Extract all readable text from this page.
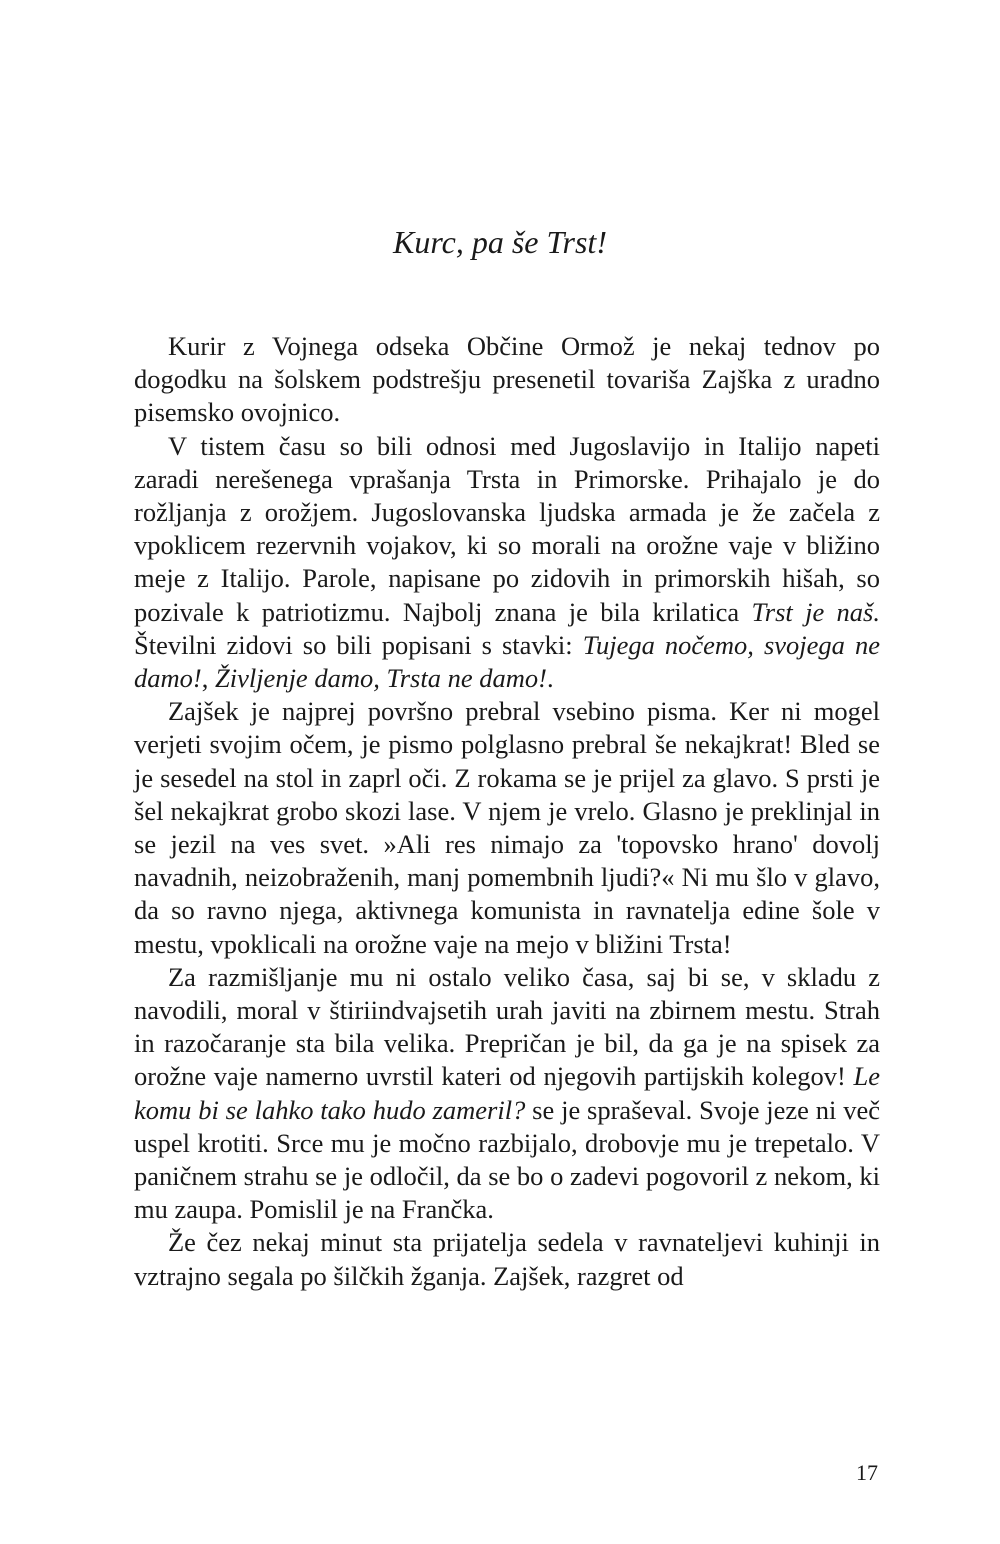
Kurc, pa še Trst!

Kurir z Vojnega odseka Občine Ormož je nekaj tednov po dogodku na šolskem podstrešju presenetil tovariša Zajška z uradno pisemsko ovojnico.

V tistem času so bili odnosi med Jugoslavijo in Italijo napeti zaradi nerešenega vprašanja Trsta in Primorske. Prihajalo je do rožljanja z orožjem. Jugoslovanska ljudska armada je že začela z vpoklicem rezervnih vojakov, ki so morali na orožne vaje v bližino meje z Italijo. Parole, napisane po zidovih in primorskih hišah, so pozivale k patriotizmu. Najbolj znana je bila krilatica Trst je naš. Številni zidovi so bili popisani s stavki: Tujega nočemo, svojega ne damo!, Življenje damo, Trsta ne damo!.

Zajšek je najprej površno prebral vsebino pisma. Ker ni mogel verjeti svojim očem, je pismo polglasno prebral še nekajkrat! Bled se je sesedel na stol in zaprl oči. Z rokama se je prijel za glavo. S prsti je šel nekajkrat grobo skozi lase. V njem je vrelo. Glasno je preklinjal in se jezil na ves svet. »Ali res nimajo za 'topovsko hrano' dovolj navadnih, neizobraženih, manj pomembnih ljudi?« Ni mu šlo v glavo, da so ravno njega, aktivnega komunista in ravnatelja edine šole v mestu, vpoklicali na orožne vaje na mejo v bližini Trsta!

Za razmišljanje mu ni ostalo veliko časa, saj bi se, v skladu z navodili, moral v štiriindvajsetih urah javiti na zbirnem mestu. Strah in razočaranje sta bila velika. Prepričan je bil, da ga je na spisek za orožne vaje namerno uvrstil kateri od njegovih partijskih kolegov! Le komu bi se lahko tako hudo zameril? se je spraševal. Svoje jeze ni več uspel krotiti. Srce mu je močno razbijalo, drobovje mu je trepetalo. V paničnem strahu se je odločil, da se bo o zadevi pogovoril z nekom, ki mu zaupa. Pomislil je na Frančka.

Že čez nekaj minut sta prijatelja sedela v ravnateljevi kuhinji in vztrajno segala po šilčkih žganja. Zajšek, razgret od

17
